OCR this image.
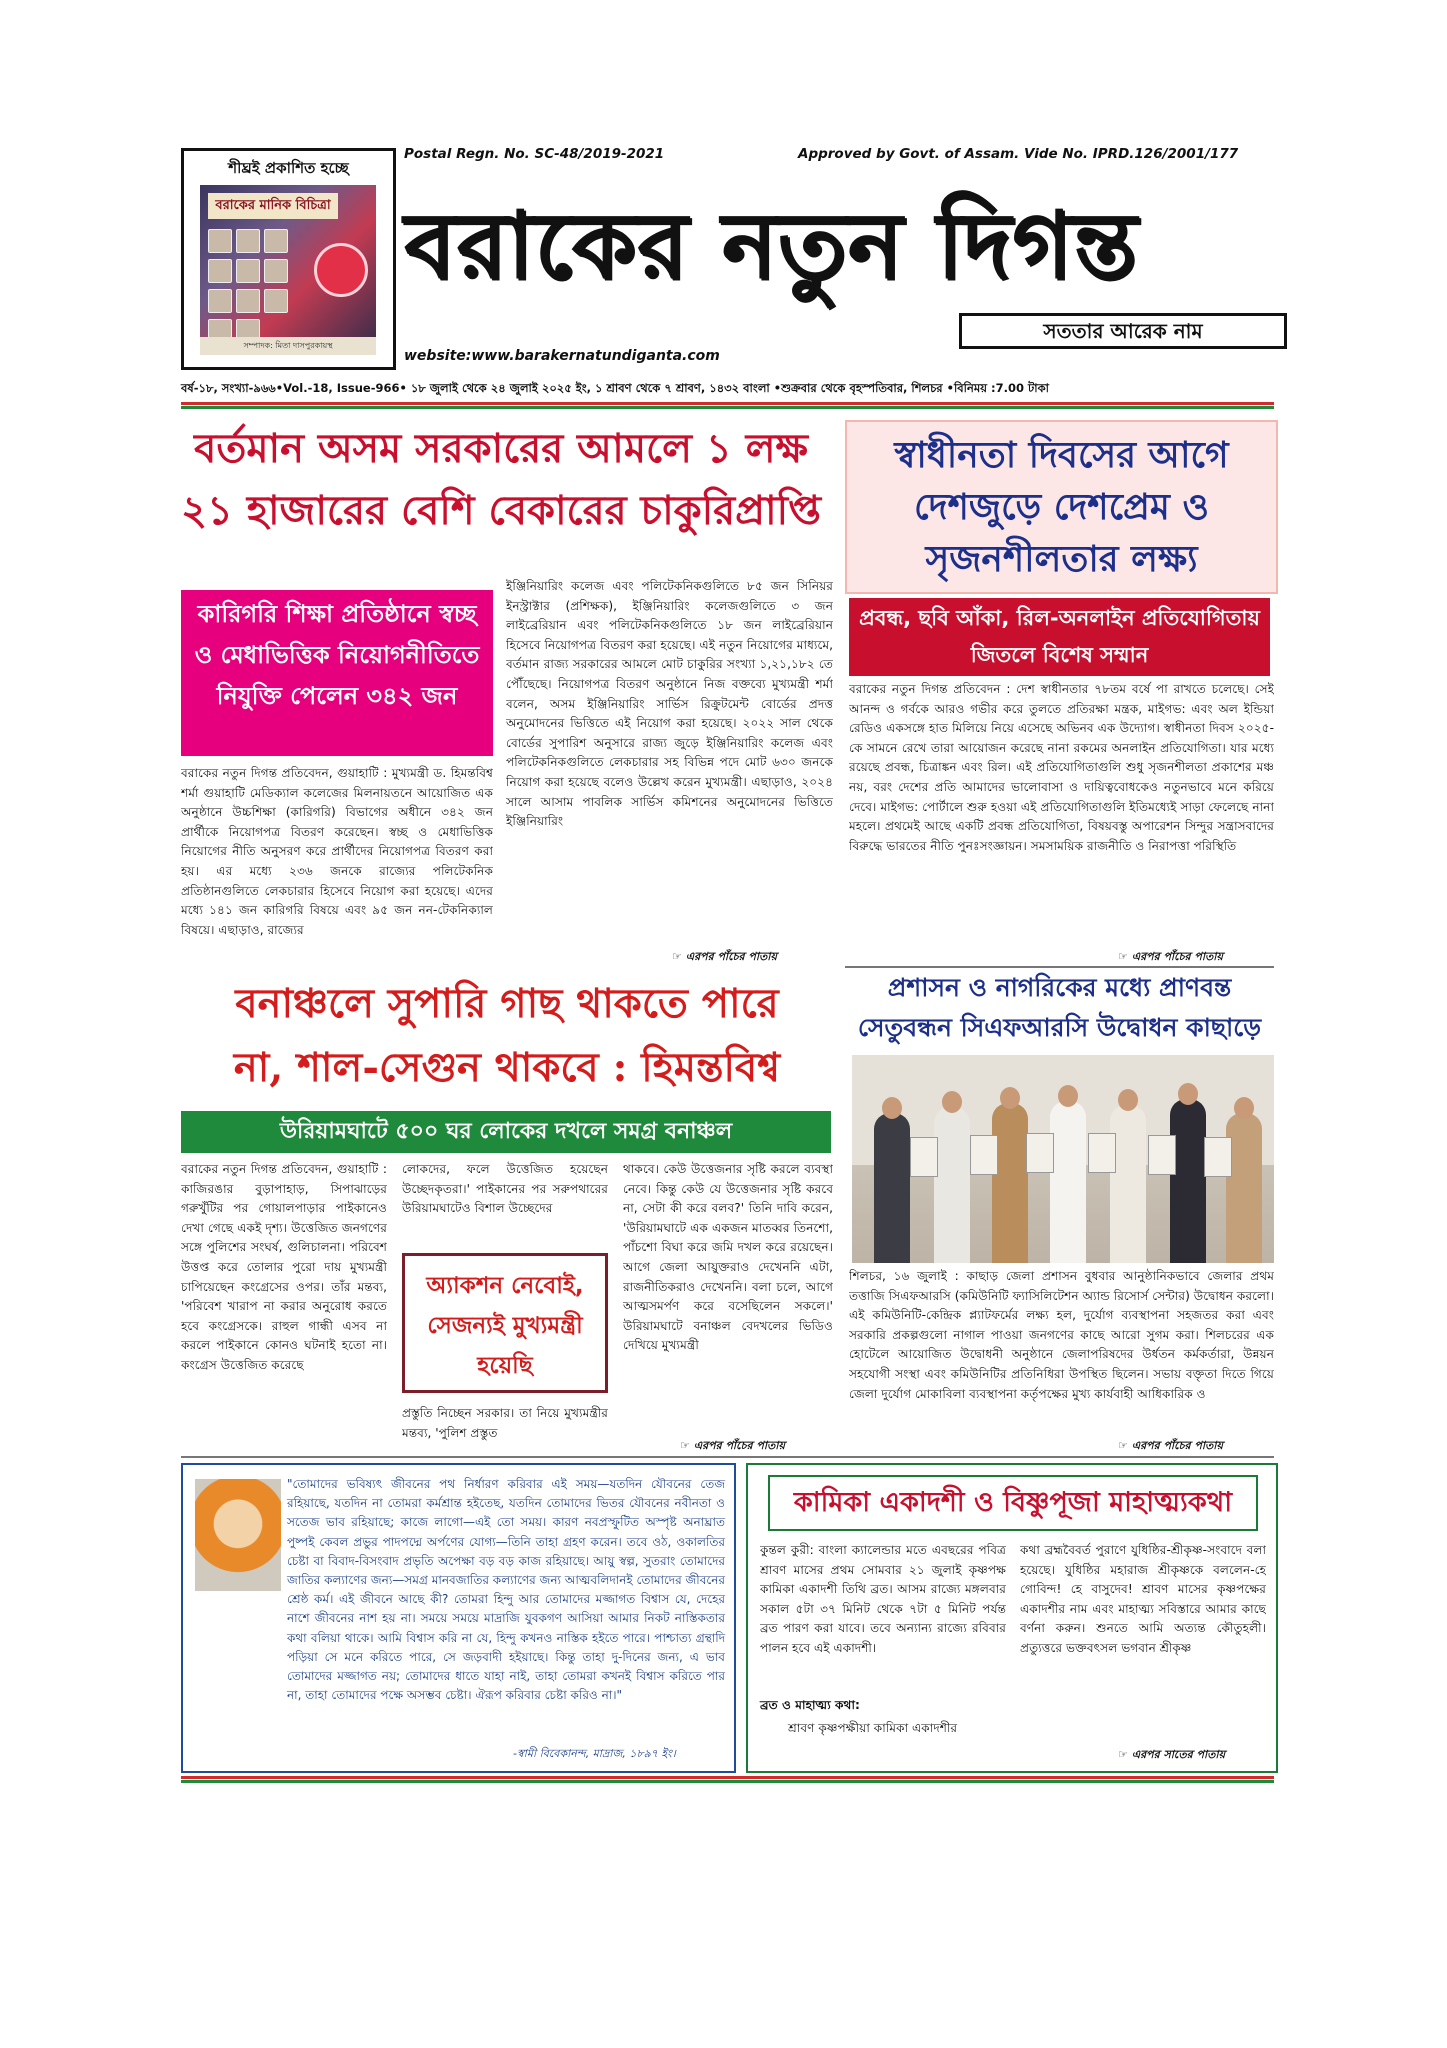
শীঘ্রই প্রকাশিত হচ্ছে
বরাকের মানিক বিচিত্রা
সম্পাদক: মিতা দাসপুরকায়স্থ
Postal Regn. No. SC-48/2019-2021	Approved by Govt. of Assam. Vide No. IPRD.126/2001/177
বরাকের নতুন দিগন্ত
সততার আরেক নাম
website:www.barakernatundiganta.com
বর্ষ-১৮, সংখ্যা-৯৬৬•Vol.-18, Issue-966• ১৮ জুলাই থেকে ২৪ জুলাই ২০২৫ ইং, ১ শ্রাবণ থেকে ৭ শ্রাবণ, ১৪৩২ বাংলা •শুক্রবার থেকে বৃহস্পতিবার, শিলচর •বিনিময় :7.00 টাকা
বর্তমান অসম সরকারের আমলে ১ লক্ষ
২১ হাজারের বেশি বেকারের চাকুরিপ্রাপ্তি
কারিগরি শিক্ষা প্রতিষ্ঠানে স্বচ্ছ ও মেধাভিত্তিক নিয়োগনীতিতে নিযুক্তি পেলেন ৩৪২ জন
বরাকের নতুন দিগন্ত প্রতিবেদন, গুয়াহাটি : মুখ্যমন্ত্রী ড. হিমন্তবিশ্ব শর্মা গুয়াহাটি মেডিক্যাল কলেজের মিলনায়তনে আয়োজিত এক অনুষ্ঠানে উচ্চশিক্ষা (কারিগরি) বিভাগের অধীনে ৩৪২ জন প্রার্থীকে নিয়োগপত্র বিতরণ করেছেন। স্বচ্ছ ও মেধাভিত্তিক নিয়োগের নীতি অনুসরণ করে প্রার্থীদের নিয়োগপত্র বিতরণ করা হয়। এর মধ্যে ২৩৬ জনকে রাজ্যের পলিটেকনিক প্রতিষ্ঠানগুলিতে লেকচারার হিসেবে নিয়োগ করা হয়েছে। এদের মধ্যে ১৪১ জন কারিগরি বিষয়ে এবং ৯৫ জন নন-টেকনিক্যাল বিষয়ে। এছাড়াও, রাজ্যের
ইঞ্জিনিয়ারিং কলেজ এবং পলিটেকনিকগুলিতে ৮৫ জন সিনিয়র ইনস্ট্রাক্টার (প্রশিক্ষক), ইঞ্জিনিয়ারিং কলেজগুলিতে ৩ জন লাইব্রেরিয়ান এবং পলিটেকনিকগুলিতে ১৮ জন লাইব্রেরিয়ান হিসেবে নিয়োগপত্র বিতরণ করা হয়েছে। এই নতুন নিয়োগের মাধ্যমে, বর্তমান রাজ্য সরকারের আমলে মোট চাকুরির সংখ্যা ১,২১,১৮২ তে পৌঁছেছে। নিয়োগপত্র বিতরণ অনুষ্ঠানে নিজ বক্তব্যে মুখ্যমন্ত্রী শর্মা বলেন, অসম ইঞ্জিনিয়ারিং সার্ভিস রিক্রুটমেন্ট বোর্ডের প্রদত্ত অনুমোদনের ভিত্তিতে এই নিয়োগ করা হয়েছে। ২০২২ সাল থেকে বোর্ডের সুপারিশ অনুসারে রাজ্য জুড়ে ইঞ্জিনিয়ারিং কলেজ এবং পলিটেকনিকগুলিতে লেকচারার সহ বিভিন্ন পদে মোট ৬৩০ জনকে নিয়োগ করা হয়েছে বলেও উল্লেখ করেন মুখ্যমন্ত্রী। এছাড়াও, ২০২৪ সালে আসাম পাবলিক সার্ভিস কমিশনের অনুমোদনের ভিত্তিতে ইঞ্জিনিয়ারিং
☞ এরপর পাঁচের পাতায়
স্বাধীনতা দিবসের আগে
দেশজুড়ে দেশপ্রেম ও
সৃজনশীলতার লক্ষ্য
প্রবন্ধ, ছবি আঁকা, রিল-অনলাইন প্রতিযোগিতায় জিতলে বিশেষ সম্মান
বরাকের নতুন দিগন্ত প্রতিবেদন : দেশ স্বাধীনতার ৭৮তম বর্ষে পা রাখতে চলেছে। সেই আনন্দ ও গর্বকে আরও গভীর করে তুলতে প্রতিরক্ষা মন্ত্রক, মাইগভ: এবং অল ইন্ডিয়া রেডিও একসঙ্গে হাত মিলিয়ে নিয়ে এসেছে অভিনব এক উদ্যোগ। স্বাধীনতা দিবস ২০২৫-কে সামনে রেখে তারা আয়োজন করেছে নানা রকমের অনলাইন প্রতিযোগিতা। যার মধ্যে রয়েছে প্রবন্ধ, চিত্রাঙ্কন এবং রিল। এই প্রতিযোগিতাগুলি শুধু সৃজনশীলতা প্রকাশের মঞ্চ নয়, বরং দেশের প্রতি আমাদের ভালোবাসা ও দায়িত্ববোধকেও নতুনভাবে মনে করিয়ে দেবে। মাইগভ: পোর্টালে শুরু হওয়া এই প্রতিযোগিতাগুলি ইতিমধ্যেই সাড়া ফেলেছে নানা মহলে। প্রথমেই আছে একটি প্রবন্ধ প্রতিযোগিতা, বিষয়বস্তু অপারেশন সিন্দুর সন্ত্রাসবাদের বিরুদ্ধে ভারতের নীতি পুনঃসংজ্ঞায়ন। সমসাময়িক রাজনীতি ও নিরাপত্তা পরিস্থিতি
☞ এরপর পাঁচের পাতায়
প্রশাসন ও নাগরিকের মধ্যে প্রাণবন্ত
সেতুবন্ধন সিএফআরসি উদ্বোধন কাছাড়ে
শিলচর, ১৬ জুলাই : কাছাড় জেলা প্রশাসন বুধবার আনুষ্ঠানিকভাবে জেলার প্রথম তত্তাজি সিএফআরসি (কমিউনিটি ফ্যাসিলিটেশন অ্যান্ড রিসোর্স সেন্টার) উদ্বোধন করলো। এই কমিউনিটি-কেন্দ্রিক প্ল্যাটফর্মের লক্ষ্য হল, দুর্যোগ ব্যবস্থাপনা সহজতর করা এবং সরকারি প্রকল্পগুলো নাগাল পাওয়া জনগণের কাছে আরো সুগম করা। শিলচরের এক হোটেলে আয়োজিত উদ্বোধনী অনুষ্ঠানে জেলাপরিষদের উর্ধতন কর্মকর্তারা, উন্নয়ন সহযোগী সংস্থা এবং কমিউনিটির প্রতিনিধিরা উপস্থিত ছিলেন। সভায় বক্তৃতা দিতে গিয়ে জেলা দুর্যোগ মোকাবিলা ব্যবস্থাপনা কর্তৃপক্ষের মুখ্য কার্যবাহী আধিকারিক ও
☞ এরপর পাঁচের পাতায়
বনাঞ্চলে সুপারি গাছ থাকতে পারে
না, শাল-সেগুন থাকবে : হিমন্তবিশ্ব
উরিয়ামঘাটে ৫০০ ঘর লোকের দখলে সমগ্র বনাঞ্চল
বরাকের নতুন দিগন্ত প্রতিবেদন, গুয়াহাটি : কাজিরঙার বুড়াপাহাড়, সিপাঝাড়ের গরুখুঁটির পর গোয়ালপাড়ার পাইকানেও দেখা গেছে একই দৃশ্য। উত্তেজিত জনগণের সঙ্গে পুলিশের সংঘর্ষ, গুলিচালনা। পরিবেশ উত্তপ্ত করে তোলার পুরো দায় মুখ্যমন্ত্রী চাপিয়েছেন কংগ্রেসের ওপর। তাঁর মন্তব্য, 'পরিবেশ খারাপ না করার অনুরোধ করতে হবে কংগ্রেসকে। রাহুল গান্ধী এসব না করলে পাইকানে কোনও ঘটনাই হতো না। কংগ্রেস উত্তেজিত করেছে
লোকদের, ফলে উত্তেজিত হয়েছেন উচ্ছেদকৃতরা।' পাইকানের পর সরুপথারের উরিয়ামঘাটেও বিশাল উচ্ছেদের
অ্যাকশন নেবোই, সেজন্যই মুখ্যমন্ত্রী হয়েছি
প্রস্তুতি নিচ্ছেন সরকার। তা নিয়ে মুখ্যমন্ত্রীর মন্তব্য, 'পুলিশ প্রস্তুত
থাকবে। কেউ উত্তেজনার সৃষ্টি করলে ব্যবস্থা নেবে। কিন্তু কেউ যে উত্তেজনার সৃষ্টি করবে না, সেটা কী করে বলব?' তিনি দাবি করেন, 'উরিয়ামঘাটে এক একজন মাতব্বর তিনশো, পাঁচশো বিঘা করে জমি দখল করে রয়েছেন। আগে জেলা আয়ুক্তরাও দেখেননি এটা, রাজনীতিকরাও দেখেননি। বলা চলে, আগে আত্মসমর্পণ করে বসেছিলেন সকলে।' উরিয়ামঘাটে বনাঞ্চল বেদখলের ভিডিও দেখিয়ে মুখ্যমন্ত্রী
☞ এরপর পাঁচের পাতায়
"তোমাদের ভবিষ্যৎ জীবনের পথ নির্ধারণ করিবার এই সময়—যতদিন যৌবনের তেজ রহিয়াছে, যতদিন না তোমরা কর্মশ্রান্ত হইতেছ, যতদিন তোমাদের ভিতর যৌবনের নবীনতা ও সতেজ ভাব রহিয়াছে; কাজে লাগো—এই তো সময়। কারণ নবপ্রস্ফুটিত অস্পৃষ্ট অনাঘ্রাত পুষ্পই কেবল প্রভুর পাদপদ্মে অর্পণের যোগ্য—তিনি তাহা গ্রহণ করেন। তবে ওঠ, ওকালতির চেষ্টা বা বিবাদ-বিসংবাদ প্রভৃতি অপেক্ষা বড় বড় কাজ রহিয়াছে। আয়ু স্বল্প, সুতরাং তোমাদের জাতির কল্যাণের জন্য—সমগ্র মানবজাতির কল্যাণের জন্য আত্মবলিদানই তোমাদের জীবনের শ্রেষ্ঠ কর্ম। এই জীবনে আছে কী? তোমরা হিন্দু আর তোমাদের মজ্জাগত বিশ্বাস যে, দেহের নাশে জীবনের নাশ হয় না। সময়ে সময়ে মাদ্রাজি যুবকগণ আসিয়া আমার নিকট নাস্তিকতার কথা বলিয়া থাকে। আমি বিশ্বাস করি না যে, হিন্দু কখনও নাস্তিক হইতে পারে। পাশ্চাত্য গ্রন্থাদি পড়িয়া সে মনে করিতে পারে, সে জড়বাদী হইয়াছে। কিন্তু তাহা দু-দিনের জন্য, এ ভাব তোমাদের মজ্জাগত নয়; তোমাদের ধাতে যাহা নাই, তাহা তোমরা কখনই বিশ্বাস করিতে পার না, তাহা তোমাদের পক্ষে অসম্ভব চেষ্টা। ঐরূপ করিবার চেষ্টা করিও না।"
-স্বামী বিবেকানন্দ, মাদ্রাজ, ১৮৯৭ ইং।
কামিকা একাদশী ও বিষ্ণুপূজা মাহাত্ম্যকথা
কুন্তল কুরী: বাংলা ক্যালেন্ডার মতে এবছরের পবিত্র শ্রাবণ মাসের প্রথম সোমবার ২১ জুলাই কৃষ্ণপক্ষ কামিকা একাদশী তিথি ব্রত। আসম রাজ্যে মঙ্গলবার সকাল ৫টা ৩৭ মিনিট থেকে ৭টা ৫ মিনিট পর্যন্ত ব্রত পারণ করা যাবে। তবে অন্যান্য রাজ্যে রবিবার পালন হবে এই একাদশী।
ব্রত ও মাহাত্ম্য কথা:
শ্রাবণ কৃষ্ণপক্ষীয়া কামিকা একাদশীর
কথা ব্রহ্মবৈবর্ত পুরাণে যুধিষ্ঠির-শ্রীকৃষ্ণ-সংবাদে বলা হয়েছে। যুধিষ্ঠির মহারাজ শ্রীকৃষ্ণকে বললেন-হে গোবিন্দ! হে বাসুদেব! শ্রাবণ মাসের কৃষ্ণপক্ষের একাদশীর নাম এবং মাহাত্ম্য সবিস্তারে আমার কাছে বর্ণনা করুন। শুনতে আমি অত্যন্ত কৌতুহলী। প্রত্যুত্তরে ভক্তবৎসল ভগবান শ্রীকৃষ্ণ
☞ এরপর সাতের পাতায়
